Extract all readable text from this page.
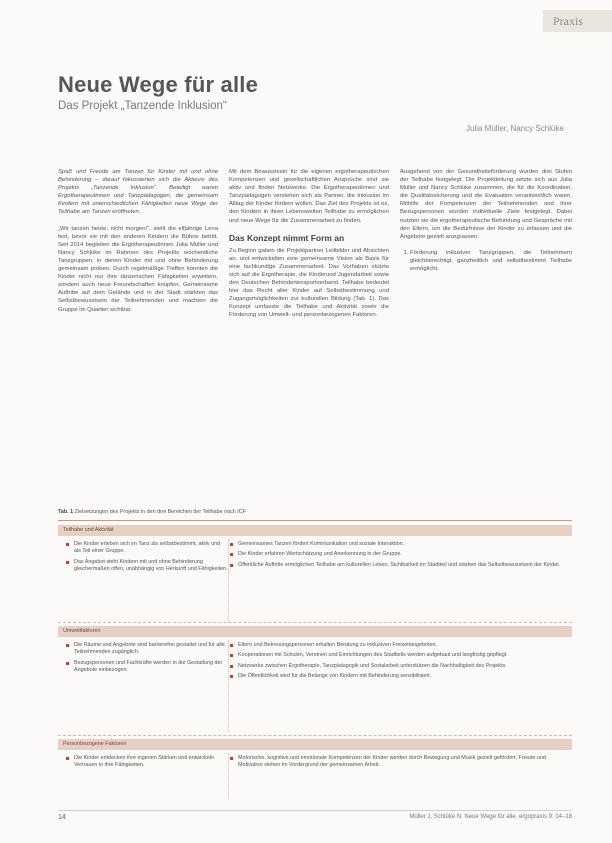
Praxis
Neue Wege für alle
Das Projekt „Tanzende Inklusion“
Julia Müller, Nancy Schlüke

Spaß und Freude am Tanzen für Kinder mit und ohne Behinderung – darauf fokussierten sich die Akteure des Projekts „Tanzende Inklusion“. Beteiligt waren Ergotherapeutinnen und Tanzpädagogen, die gemeinsam Kindern mit unterschiedlichen Fähigkeiten neue Wege der Teilhabe am Tanzen eröffneten.

„Wir tanzen heute, nicht morgen!“, stellt die elfjährige Lena fest, bevor sie mit den anderen Kindern die Bühne betritt. Seit 2014 begleiten die Ergotherapeutinnen Julia Müller und Nancy Schlüke im Rahmen des Projekts wöchentliche Tanzgruppen, in denen Kinder mit und ohne Behinderung gemeinsam proben. Durch regelmäßige Treffen konnten die Kinder nicht nur ihre tänzerischen Fähigkeiten erweitern, sondern auch neue Freundschaften knüpfen. Gemeinsame Auftritte auf dem Gelände und in der Stadt stärkten das Selbstbewusstsein der Teilnehmenden und machten die Gruppe im Quartier sichtbar.

Mit dem Bewusstsein für die eigenen ergotherapeutischen Kompetenzen und gesellschaftlichen Ansprüche sind sie aktiv und finden Netzwerke. Die Ergotherapeutinnen und Tanzpädagogen verstehen sich als Partner, die Inklusion im Alltag der Kinder fördern wollen. Das Ziel des Projekts ist es, den Kindern in ihren Lebenswelten Teilhabe zu ermöglichen und neue Wege für die Zusammenarbeit zu finden.

Das Konzept nimmt Form an

Zu Beginn gaben die Projektpartner Leitbilder und Absichten an, und entwickelten eine gemeinsame Vision als Basis für eine fachkundige Zusammenarbeit. Das Vorhaben stützte sich auf die Ergotherapie, die Kinderund Jugendarbeit sowie den Deutschen Behindertensportverband. Teilhabe bedeutet hier das Recht aller Kinder auf Selbstbestimmung und Zugangsmöglichkeiten zur kulturellen Bildung (Tab. 1). Das Konzept umfasste die Teilhabe und Aktivität sowie die Förderung von Umwelt- und personbezogenen Faktoren.

Ausgehend von der Gesundheitsförderung wurden drei Stufen der Teilhabe festgelegt. Die Projektleitung setzte sich aus Julia Müller und Nancy Schlüke zusammen, die für die Koordination, die Qualitätssicherung und die Evaluation verantwortlich waren. Mithilfe der Kompetenzen der Teilnehmenden und ihrer Bezugspersonen wurden individuelle Ziele festgelegt. Dabei nutzten sie die ergotherapeutische Befundung und Gespräche mit den Eltern, um die Bedürfnisse der Kinder zu erfassen und die Angebote gezielt anzupassen.

1. Förderung inklusiver Tanzgruppen, die Teilnehmern gleichberechtigt, ganzheitlich und selbstbestimmt Teilhabe ermöglicht.
Tab. 1 Zielsetzungen des Projekts in den drei Bereichen der Teilhabe nach ICF
Teilhabe und Aktivität
Die Kinder erleben sich im Tanz als selbstbestimmt, aktiv und als Teil einer Gruppe.
Das Angebot steht Kindern mit und ohne Behinderung gleichermaßen offen, unabhängig von Herkunft und Fähigkeiten.
Gemeinsames Tanzen fördert Kommunikation und soziale Interaktion.
Die Kinder erfahren Wertschätzung und Anerkennung in der Gruppe.
Öffentliche Auftritte ermöglichen Teilhabe am kulturellen Leben, Sichtbarkeit im Stadtteil und stärken das Selbstbewusstsein der Kinder.
Umweltfaktoren
Die Räume und Angebote sind barrierefrei gestaltet und für alle Teilnehmenden zugänglich.
Bezugspersonen und Fachkräfte werden in die Gestaltung der Angebote einbezogen.
Eltern und Betreuungspersonen erhalten Beratung zu inklusiven Freizeitangeboten.
Kooperationen mit Schulen, Vereinen und Einrichtungen des Stadtteils werden aufgebaut und langfristig gepflegt.
Netzwerke zwischen Ergotherapie, Tanzpädagogik und Sozialarbeit unterstützen die Nachhaltigkeit des Projekts.
Die Öffentlichkeit wird für die Belange von Kindern mit Behinderung sensibilisiert.
Personbezogene Faktoren
Die Kinder entdecken ihre eigenen Stärken und entwickeln Vertrauen in ihre Fähigkeiten.
Motorische, kognitive und emotionale Kompetenzen der Kinder werden durch Bewegung und Musik gezielt gefördert; Freude und Motivation stehen im Vordergrund der gemeinsamen Arbeit.
14	Müller J, Schlüke N. Neue Wege für alle. ergopraxis 9: 14–18
